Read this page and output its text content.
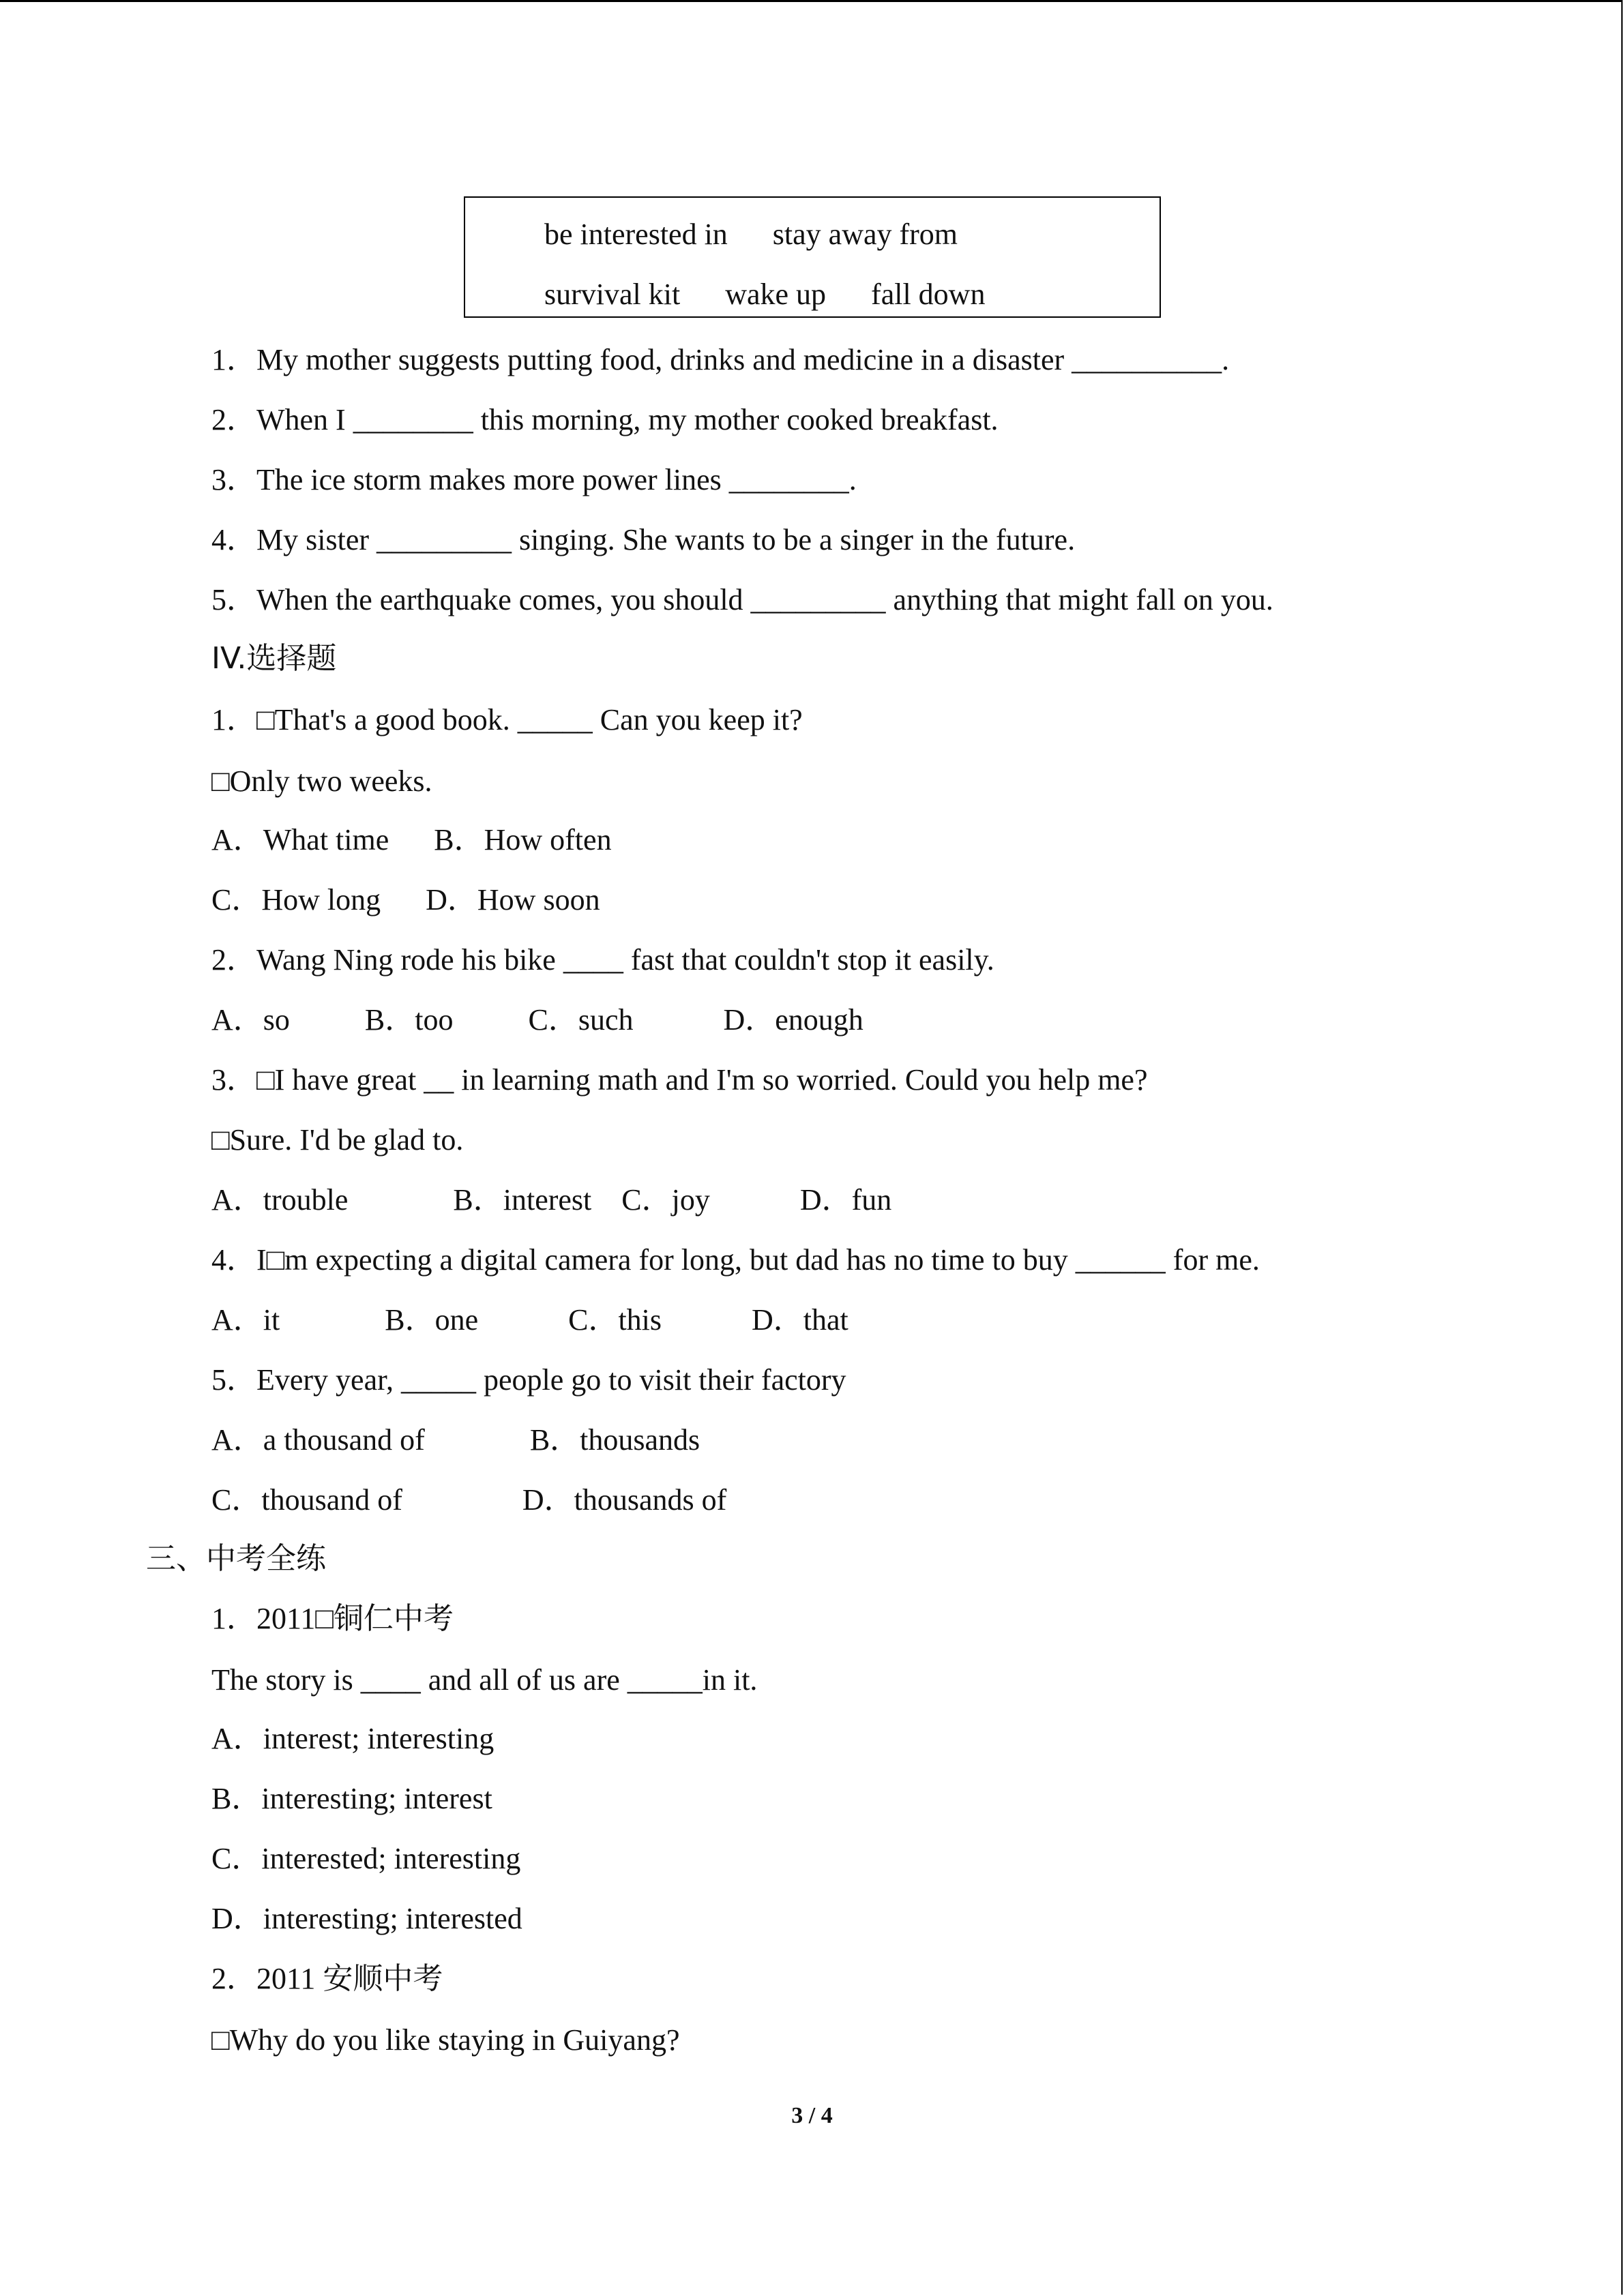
be interested in      stay away from
survival kit      wake up      fall down
1．My mother suggests putting food, drinks and medicine in a disaster __________.
2．When I ________ this morning, my mother cooked breakfast.
3．The ice storm makes more power lines ________.
4．My sister _________ singing. She wants to be a singer in the future.
5．When the earthquake comes, you should _________ anything that might fall on you.
IV.选择题
1．□That's a good book. _____ Can you keep it?
□Only two weeks.
A．What time      B．How often
C．How long      D．How soon
2．Wang Ning rode his bike ____ fast that couldn't stop it easily.
A．so          B．too          C．such            D．enough
3．□I have great __ in learning math and I'm so worried. Could you help me?
□Sure. I'd be glad to.
A．trouble              B．interest    C．joy            D．fun
4．I□m expecting a digital camera for long, but dad has no time to buy ______ for me.
A．it              B．one            C．this            D．that
5．Every year, _____ people go to visit their factory
A．a thousand of              B．thousands
C．thousand of                D．thousands of
三、中考全练
1．2011□铜仁中考
The story is ____ and all of us are _____in it.
A．interest; interesting
B．interesting; interest
C．interested; interesting
D．interesting; interested
2．2011 安顺中考
□Why do you like staying in Guiyang?
3 / 4
